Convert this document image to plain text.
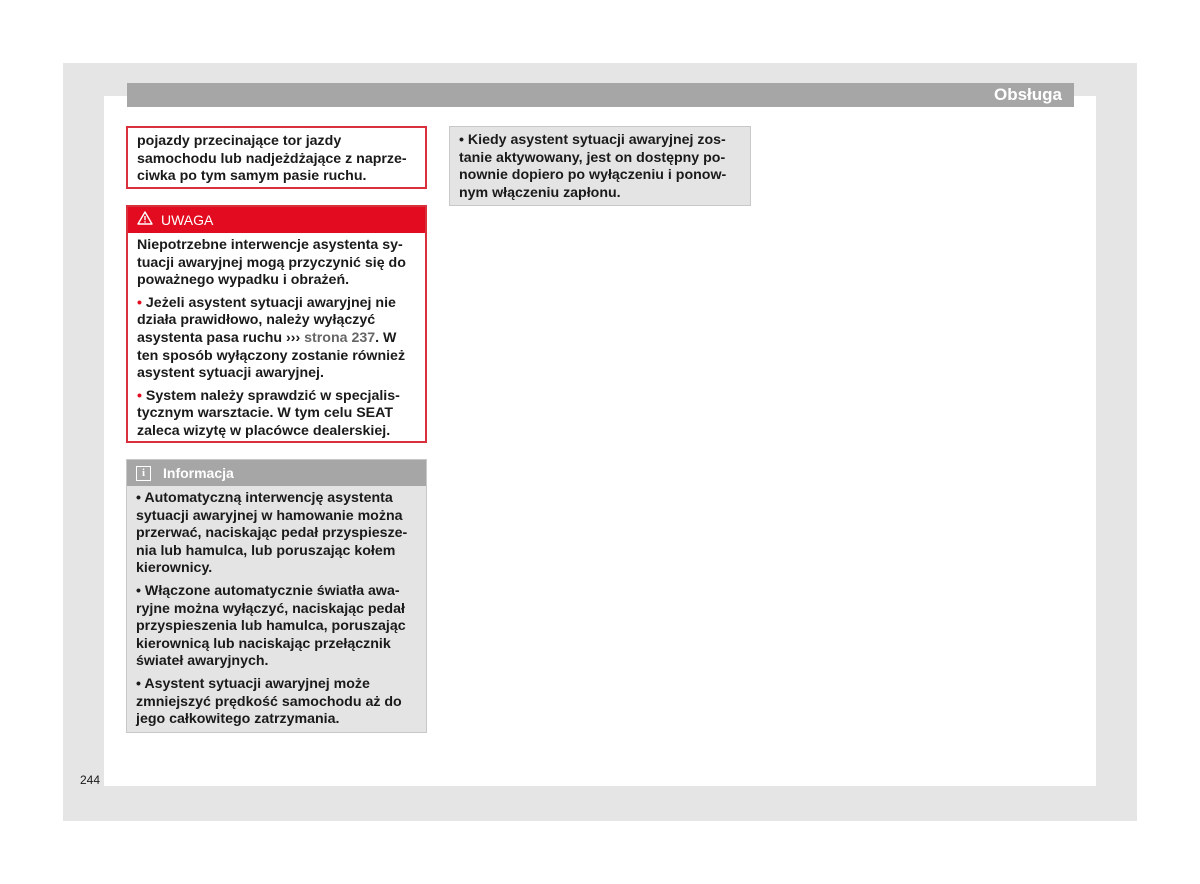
Obsługa

pojazdy przecinające tor jazdy samochodu lub nadjeżdżające z naprze- ciwka po tym samym pasie ruchu.

UWAGA

Niepotrzebne interwencje asystenta sy- tuacji awaryjnej mogą przyczynić się do poważnego wypadku i obrażeń.

• Jeżeli asystent sytuacji awaryjnej nie działa prawidłowo, należy wyłączyć asystenta pasa ruchu ››› strona 237. W ten sposób wyłączony zostanie również asystent sytuacji awaryjnej.

• System należy sprawdzić w specjalis- tycznym warsztacie. W tym celu SEAT zaleca wizytę w placówce dealerskiej.

i	Informacja

• Automatyczną interwencję asystenta sytuacji awaryjnej w hamowanie można przerwać, naciskając pedał przyspiesze- nia lub hamulca, lub poruszając kołem kierownicy.

• Włączone automatycznie światła awa- ryjne można wyłączyć, naciskając pedał przyspieszenia lub hamulca, poruszając kierownicą lub naciskając przełącznik świateł awaryjnych.

• Asystent sytuacji awaryjnej może zmniejszyć prędkość samochodu aż do jego całkowitego zatrzymania.

• Kiedy asystent sytuacji awaryjnej zos- tanie aktywowany, jest on dostępny po- nownie dopiero po wyłączeniu i ponow- nym włączeniu zapłonu.

244
